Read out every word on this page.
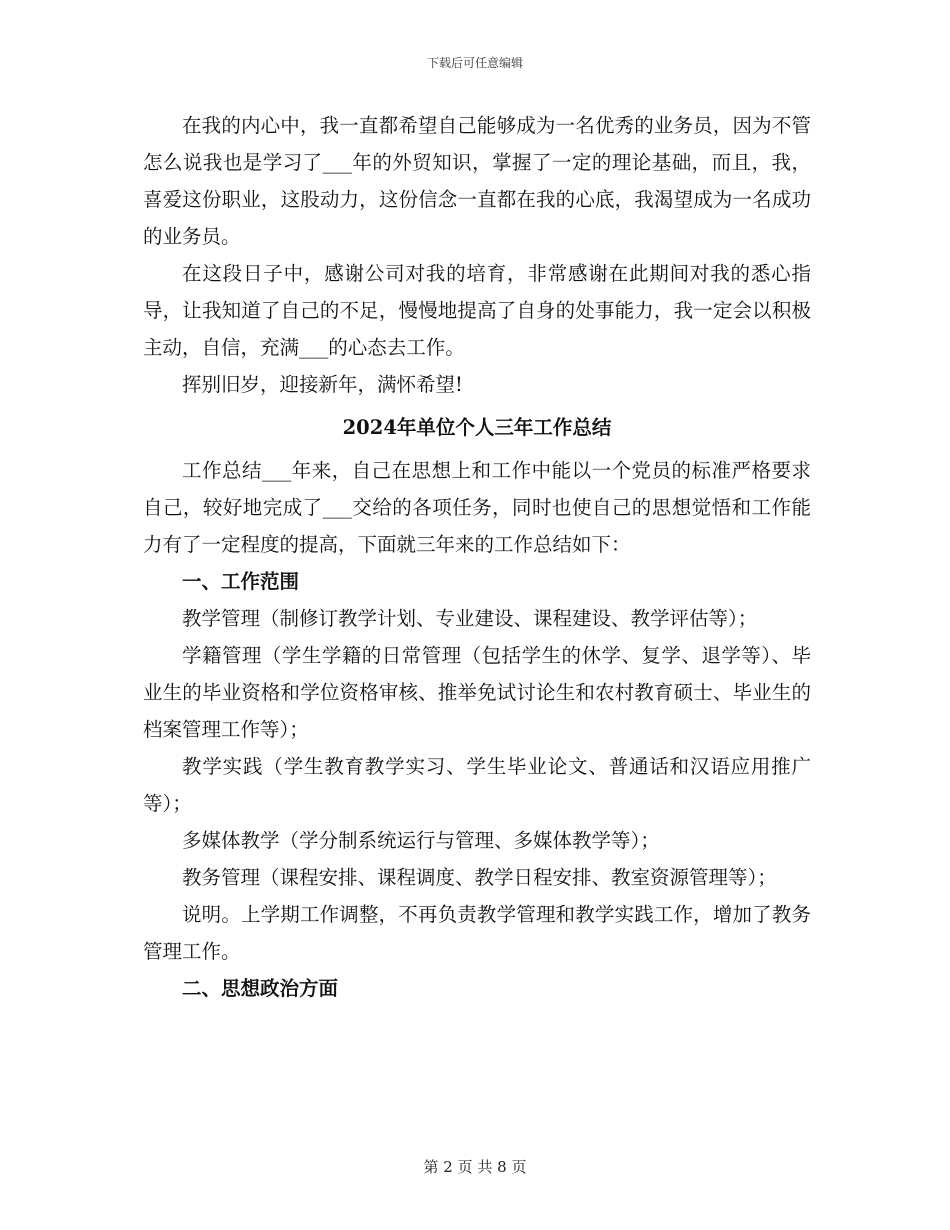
下载后可任意编辑

在我的内心中，我一直都希望自己能够成为一名优秀的业务员，因为不管怎么说我也是学习了___年的外贸知识，掌握了一定的理论基础，而且，我，喜爱这份职业，这股动力，这份信念一直都在我的心底，我渴望成为一名成功的业务员。

在这段日子中，感谢公司对我的培育，非常感谢在此期间对我的悉心指导，让我知道了自己的不足，慢慢地提高了自身的处事能力，我一定会以积极主动，自信，充满___的心态去工作。

挥别旧岁，迎接新年，满怀希望!

2024年单位个人三年工作总结

工作总结___年来，自己在思想上和工作中能以一个党员的标准严格要求自己，较好地完成了___交给的各项任务，同时也使自己的思想觉悟和工作能力有了一定程度的提高，下面就三年来的工作总结如下：

一、工作范围

教学管理（制修订教学计划、专业建设、课程建设、教学评估等）；

学籍管理（学生学籍的日常管理（包括学生的休学、复学、退学等）、毕业生的毕业资格和学位资格审核、推举免试讨论生和农村教育硕士、毕业生的档案管理工作等）；

教学实践（学生教育教学实习、学生毕业论文、普通话和汉语应用推广等）；

多媒体教学（学分制系统运行与管理、多媒体教学等）；

教务管理（课程安排、课程调度、教学日程安排、教室资源管理等）；

说明。上学期工作调整，不再负责教学管理和教学实践工作，增加了教务管理工作。

二、思想政治方面

第 2 页 共 8 页
